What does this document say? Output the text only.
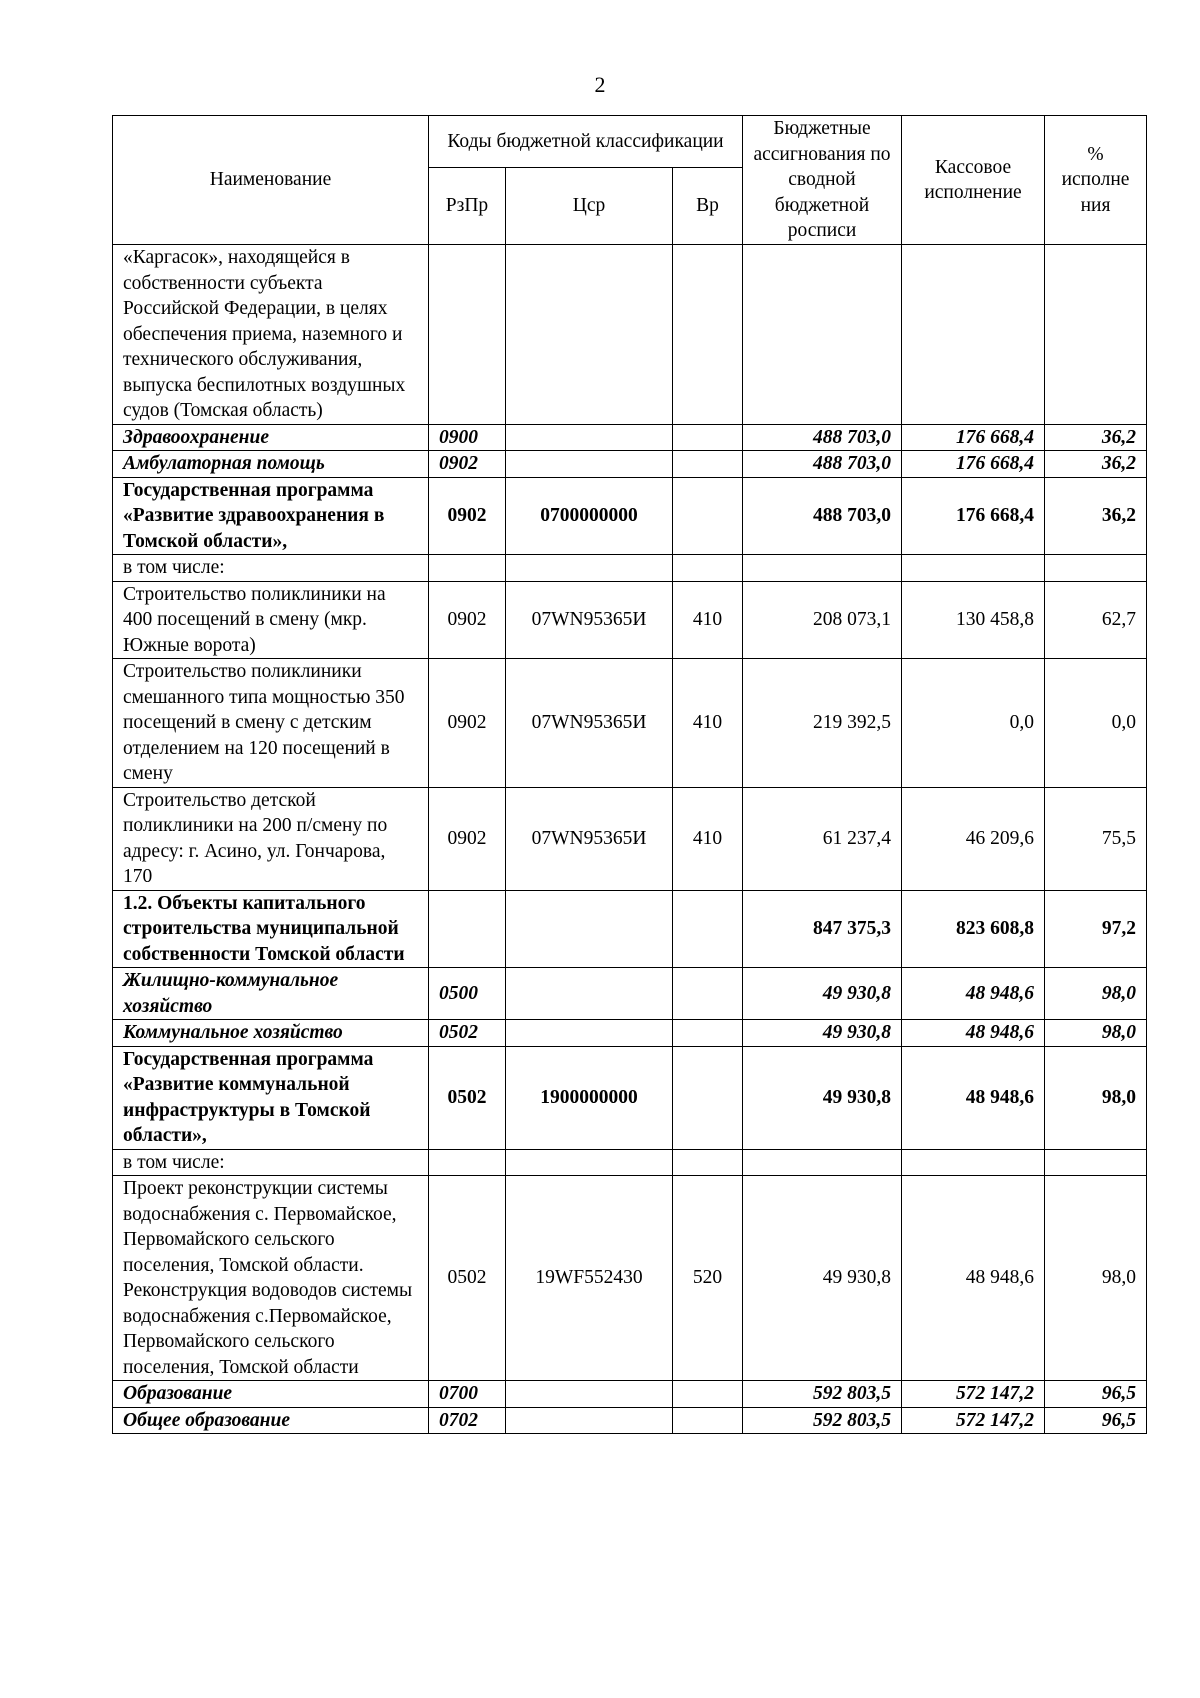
2
Наименование	Коды бюджетной классификации			Бюджетные ассигнования по сводной бюджетной росписи	Кассовое исполнение	% исполне ния
	РзПр	Цср	Вр			
«Каргасок», находящейся в собственности субъекта Российской Федерации, в целях обеспечения приема, наземного и технического обслуживания, выпуска беспилотных воздушных судов (Томская область)						
Здравоохранение	0900			488 703,0	176 668,4	36,2
Амбулаторная помощь	0902			488 703,0	176 668,4	36,2
Государственная программа «Развитие здравоохранения в Томской области»,	0902	0700000000		488 703,0	176 668,4	36,2
в том числе:						
Строительство поликлиники на 400 посещений в смену (мкр. Южные ворота)	0902	07WN95365И	410	208 073,1	130 458,8	62,7
Строительство поликлиники смешанного типа мощностью 350 посещений в смену с детским отделением на 120 посещений в смену	0902	07WN95365И	410	219 392,5	0,0	0,0
Строительство детской поликлиники на 200 п/смену по адресу: г. Асино, ул. Гончарова, 170	0902	07WN95365И	410	61 237,4	46 209,6	75,5
1.2. Объекты капитального строительства муниципальной собственности Томской области				847 375,3	823 608,8	97,2
Жилищно-коммунальное хозяйство	0500			49 930,8	48 948,6	98,0
Коммунальное хозяйство	0502			49 930,8	48 948,6	98,0
Государственная программа «Развитие коммунальной инфраструктуры в Томской области»,	0502	1900000000		49 930,8	48 948,6	98,0
в том числе:						
Проект реконструкции системы водоснабжения с. Первомайское, Первомайского сельского поселения, Томской области. Реконструкция водоводов системы водоснабжения с.Первомайское, Первомайского сельского поселения, Томской области	0502	19WF552430	520	49 930,8	48 948,6	98,0
Образование	0700			592 803,5	572 147,2	96,5
Общее образование	0702			592 803,5	572 147,2	96,5
